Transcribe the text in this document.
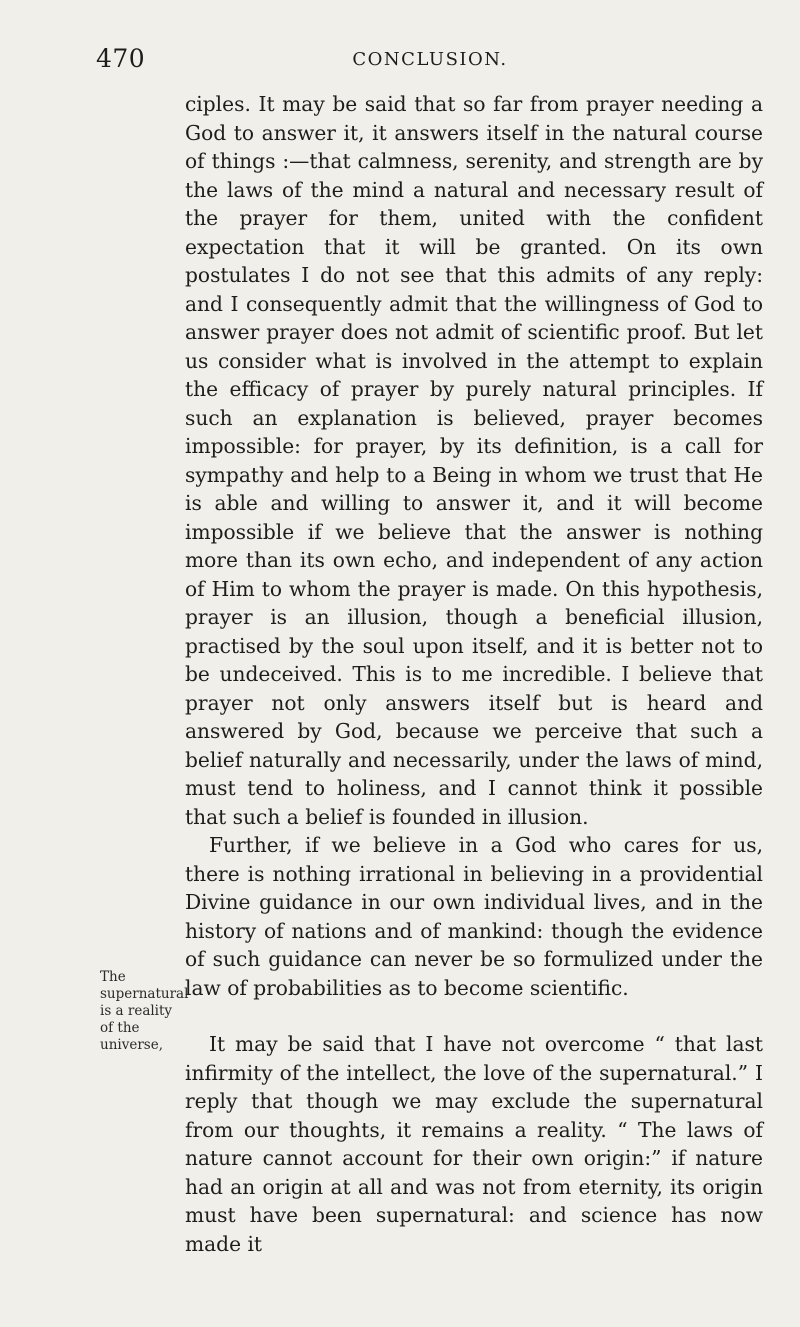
470	CONCLUSION.

ciples. It may be said that so far from prayer needing a God to answer it, it answers itself in the natural course of things :—that calmness, serenity, and strength are by the laws of the mind a natural and necessary result of the prayer for them, united with the confident expectation that it will be granted. On its own postulates I do not see that this admits of any reply: and I consequently admit that the willingness of God to answer prayer does not admit of scientific proof. But let us consider what is involved in the attempt to explain the efficacy of prayer by purely natural principles. If such an explanation is believed, prayer becomes impossible: for prayer, by its definition, is a call for sympathy and help to a Being in whom we trust that He is able and willing to answer it, and it will become impossible if we believe that the answer is nothing more than its own echo, and independent of any action of Him to whom the prayer is made. On this hypothesis, prayer is an illusion, though a beneficial illusion, practised by the soul upon itself, and it is better not to be undeceived. This is to me incredible. I believe that prayer not only answers itself but is heard and answered by God, because we perceive that such a belief naturally and necessarily, under the laws of mind, must tend to holiness, and I cannot think it possible that such a belief is founded in illusion.

Further, if we believe in a God who cares for us, there is nothing irrational in believing in a providential Divine guidance in our own individual lives, and in the history of nations and of mankind: though the evidence of such guidance can never be so formulized under the law of probabilities as to become scientific.

It may be said that I have not overcome “ that last infirmity of the intellect, the love of the supernatural.” I reply that though we may exclude the supernatural from our thoughts, it remains a reality. “ The laws of nature cannot account for their own origin:” if nature had an origin at all and was not from eternity, its origin must have been supernatural: and science has now made it

The supernatural is a reality of the universe,
